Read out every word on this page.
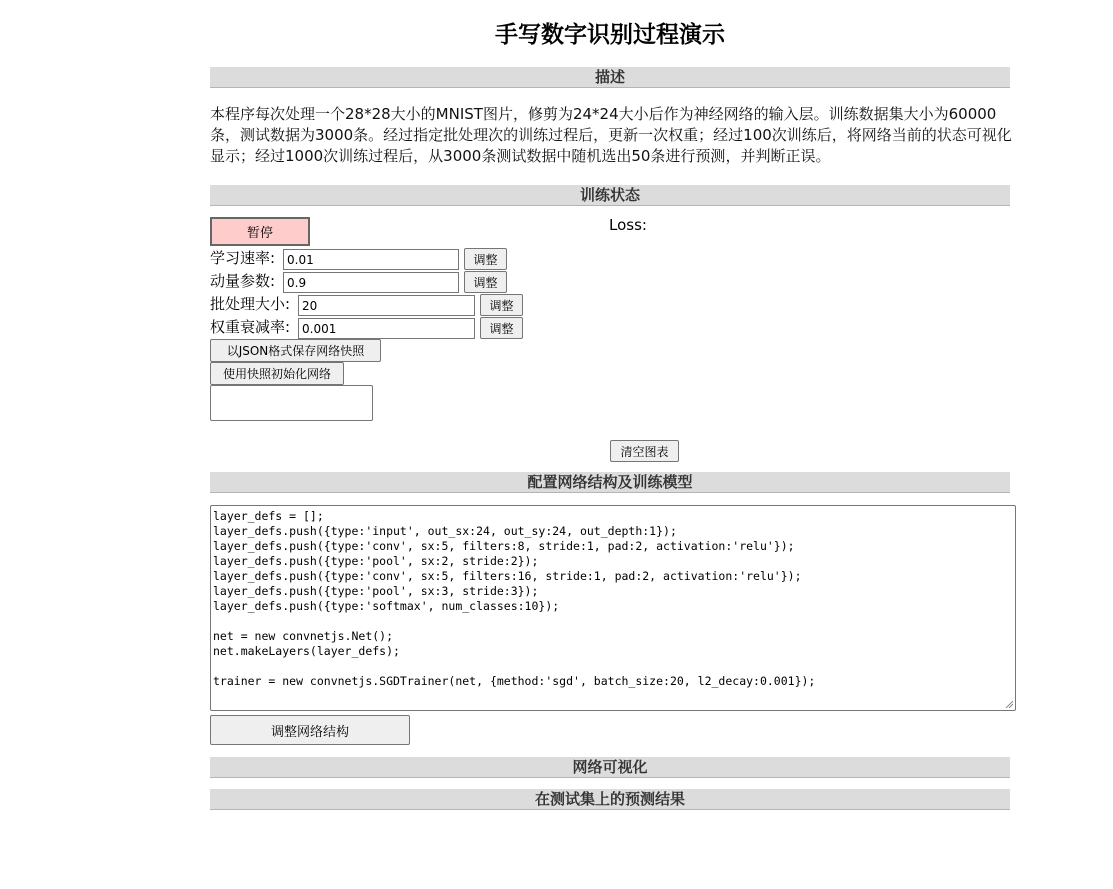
手写数字识别过程演示
描述
本程序每次处理一个28*28大小的MNIST图片，修剪为24*24大小后作为神经网络的输入层。训练数据集大小为60000条，测试数据为3000条。经过指定批处理次的训练过程后，更新一次权重；经过100次训练后，将网络当前的状态可视化显示；经过1000次训练过程后，从3000条测试数据中随机选出50条进行预测，并判断正误。
训练状态
暂停	Loss:
学习速率:
0.01	调整
动量参数:
0.9	调整
批处理大小:
20	调整
权重衰减率:
0.001	调整
以JSON格式保存网络快照
使用快照初始化网络
清空图表
配置网络结构及训练模型
layer_defs = [];
layer_defs.push({type:'input', out_sx:24, out_sy:24, out_depth:1});
layer_defs.push({type:'conv', sx:5, filters:8, stride:1, pad:2, activation:'relu'});
layer_defs.push({type:'pool', sx:2, stride:2});
layer_defs.push({type:'conv', sx:5, filters:16, stride:1, pad:2, activation:'relu'});
layer_defs.push({type:'pool', sx:3, stride:3});
layer_defs.push({type:'softmax', num_classes:10});

net = new convnetjs.Net();
net.makeLayers(layer_defs);

trainer = new convnetjs.SGDTrainer(net, {method:'sgd', batch_size:20, l2_decay:0.001});
调整网络结构
网络可视化
在测试集上的预测结果
